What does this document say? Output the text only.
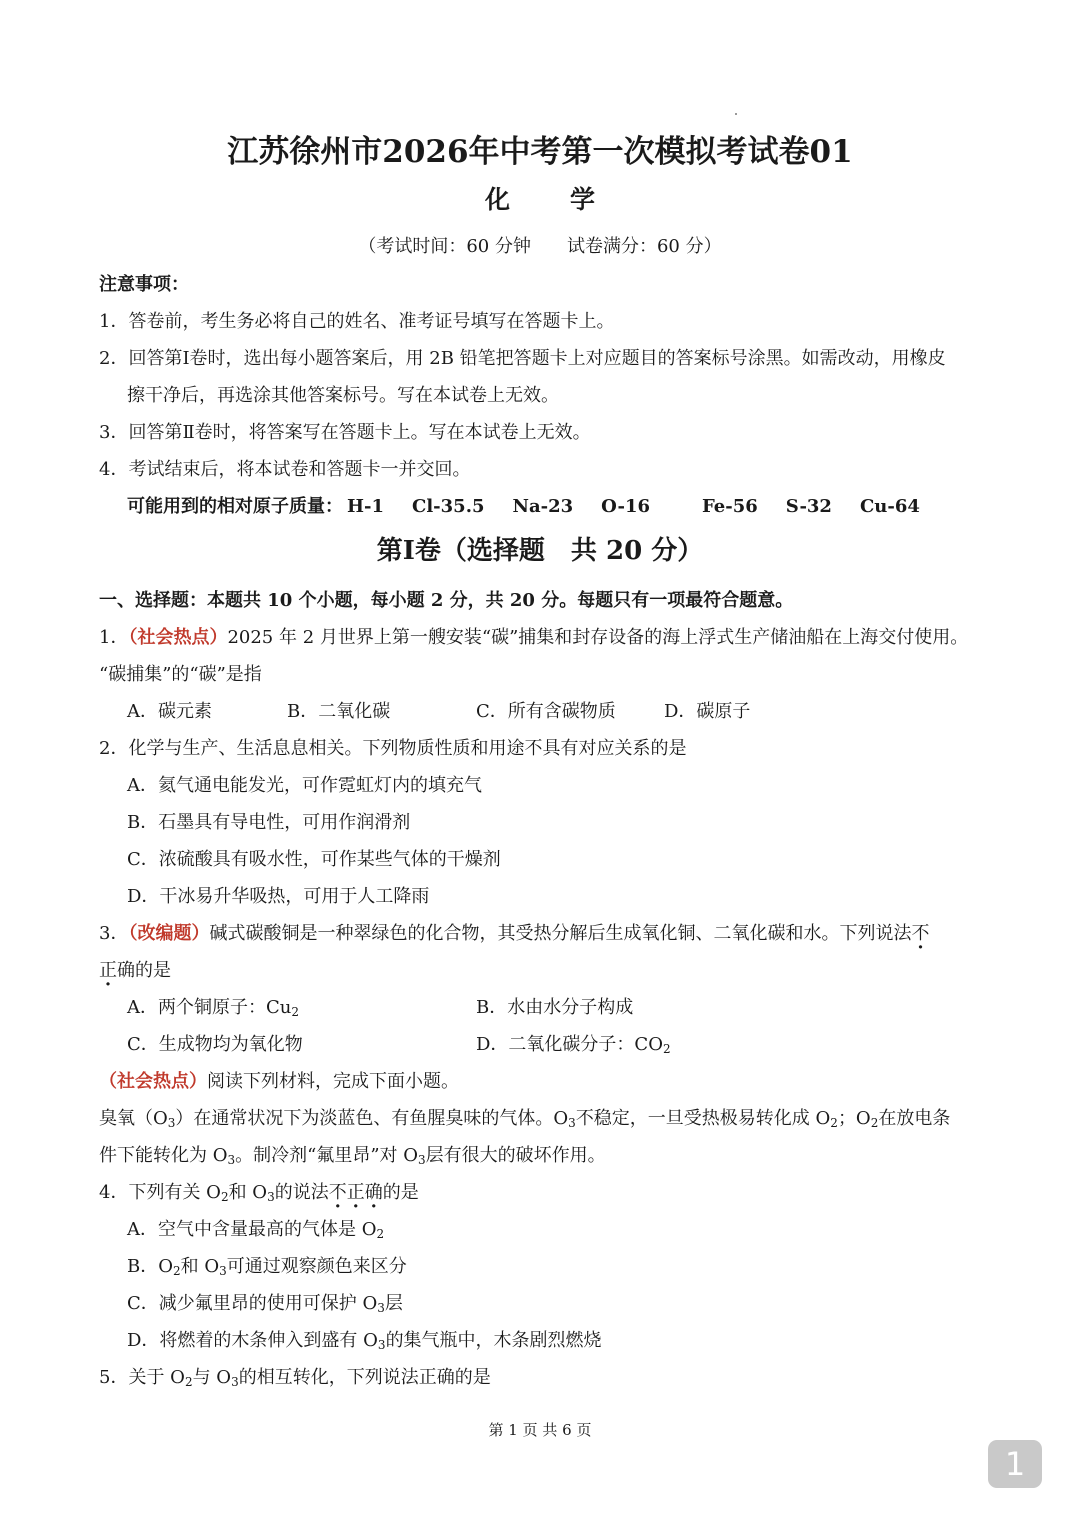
江苏徐州市2026年中考第一次模拟考试卷01
化学
（考试时间：60 分钟　　试卷满分：60 分）
注意事项：
1．答卷前，考生务必将自己的姓名、准考证号填写在答题卡上。
2．回答第Ⅰ卷时，选出每小题答案后，用 2B 铅笔把答题卡上对应题目的答案标号涂黑。如需改动，用橡皮
擦干净后，再选涂其他答案标号。写在本试卷上无效。
3．回答第Ⅱ卷时，将答案写在答题卡上。写在本试卷上无效。
4．考试结束后，将本试卷和答题卡一并交回。
可能用到的相对原子质量： H-1 Cl-35.5 Na-23 O-16	Fe-56 S-32 Cu-64
第Ⅰ卷（选择题　共 20 分）
一、选择题：本题共 10 个小题，每小题 2 分，共 20 分。每题只有一项最符合题意。
1．（社会热点）2025 年 2 月世界上第一艘安装“碳”捕集和封存设备的海上浮式生产储油船在上海交付使用。
“碳捕集”的“碳”是指
A．碳元素	B．二氧化碳	C．所有含碳物质	D．碳原子
2．化学与生产、生活息息相关。下列物质性质和用途不具有对应关系的是
A．氦气通电能发光，可作霓虹灯内的填充气
B．石墨具有导电性，可用作润滑剂
C．浓硫酸具有吸水性，可作某些气体的干燥剂
D．干冰易升华吸热，可用于人工降雨
3．（改编题）碱式碳酸铜是一种翠绿色的化合物，其受热分解后生成氧化铜、二氧化碳和水。下列说法不
正确的是
A．两个铜原子：$Cu_2$	B．水由水分子构成
C．生成物均为氧化物	D．二氧化碳分子：$CO_2$
（社会热点）阅读下列材料，完成下面小题。
臭氧$(O_3)$在通常状况下为淡蓝色、有鱼腥臭味的气体。$O_3$不稳定，一旦受热极易转化成 $O_2$；$O_2$在放电条
件下能转化为 $O_3$。制冷剂“氟里昂”对 $O_3$层有很大的破坏作用。
4．下列有关 $O_2$和 $O_3$的说法不正确的是
A．空气中含量最高的气体是 $O_2$
B．$O_2$和 $O_3$可通过观察颜色来区分
C．减少氟里昂的使用可保护 $O_3$层
D．将燃着的木条伸入到盛有 $O_3$的集气瓶中，木条剧烈燃烧
5．关于 $O_2$与 $O_3$的相互转化，下列说法正确的是
第 1 页 共 6 页
1
